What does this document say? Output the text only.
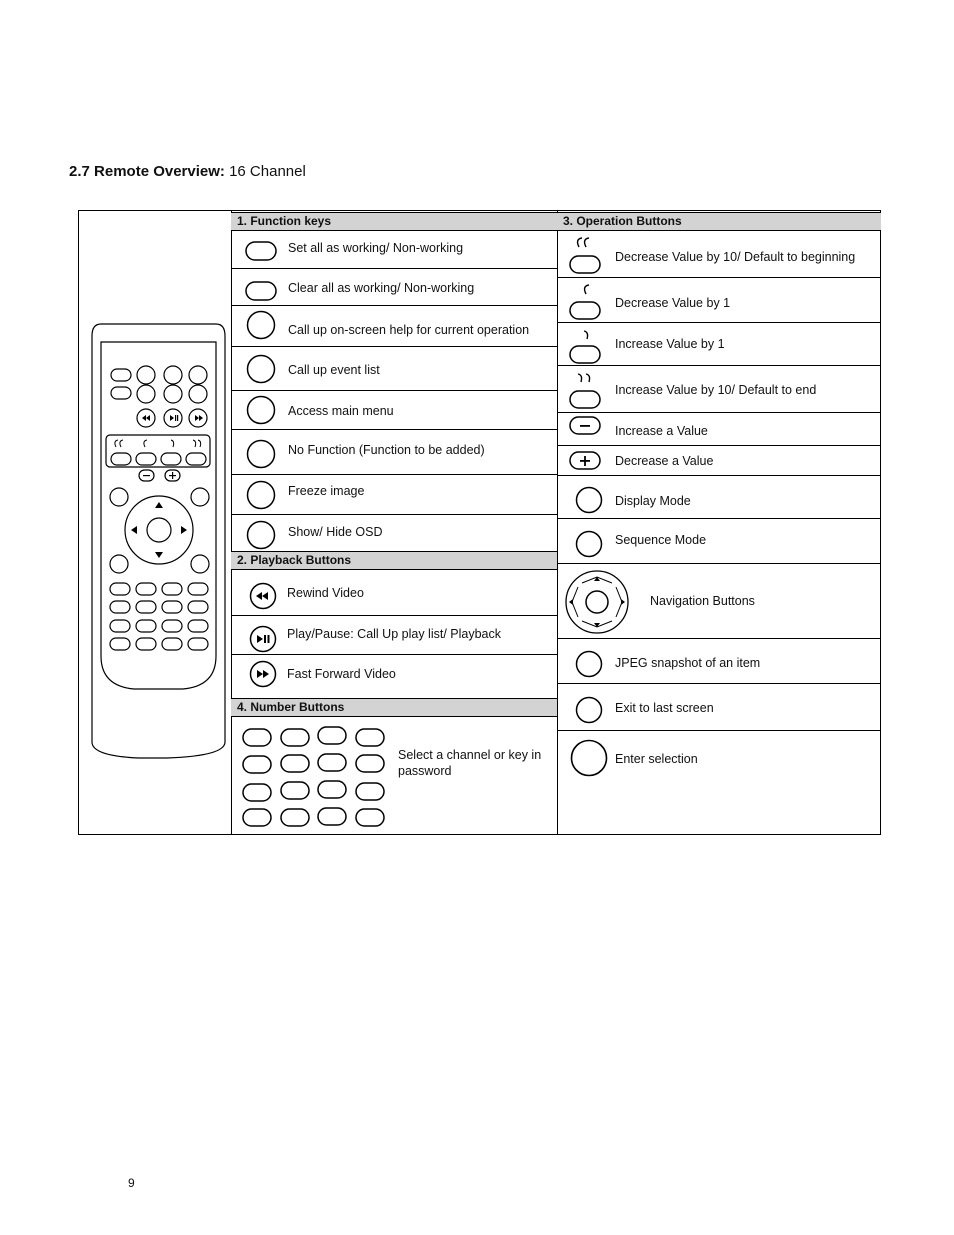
2.7 Remote Overview: 16 Channel
1. Function keys
Set all as working/ Non-working
Clear all as working/ Non-working
Call up on-screen help for current operation
Call up event list
Access main menu
No Function (Function to be added)
Freeze image
Show/ Hide OSD
2. Playback Buttons
Rewind Video
Play/Pause: Call Up play list/ Playback
Fast Forward Video
4. Number Buttons
Select a channel or key in password
3. Operation Buttons
Decrease Value by 10/ Default to beginning
Decrease Value by 1
Increase Value by 1
Increase Value by 10/ Default to end
Increase a Value
Decrease a Value
Display Mode
Sequence Mode
Navigation Buttons
JPEG snapshot of an item
Exit to last screen
Enter selection
9
